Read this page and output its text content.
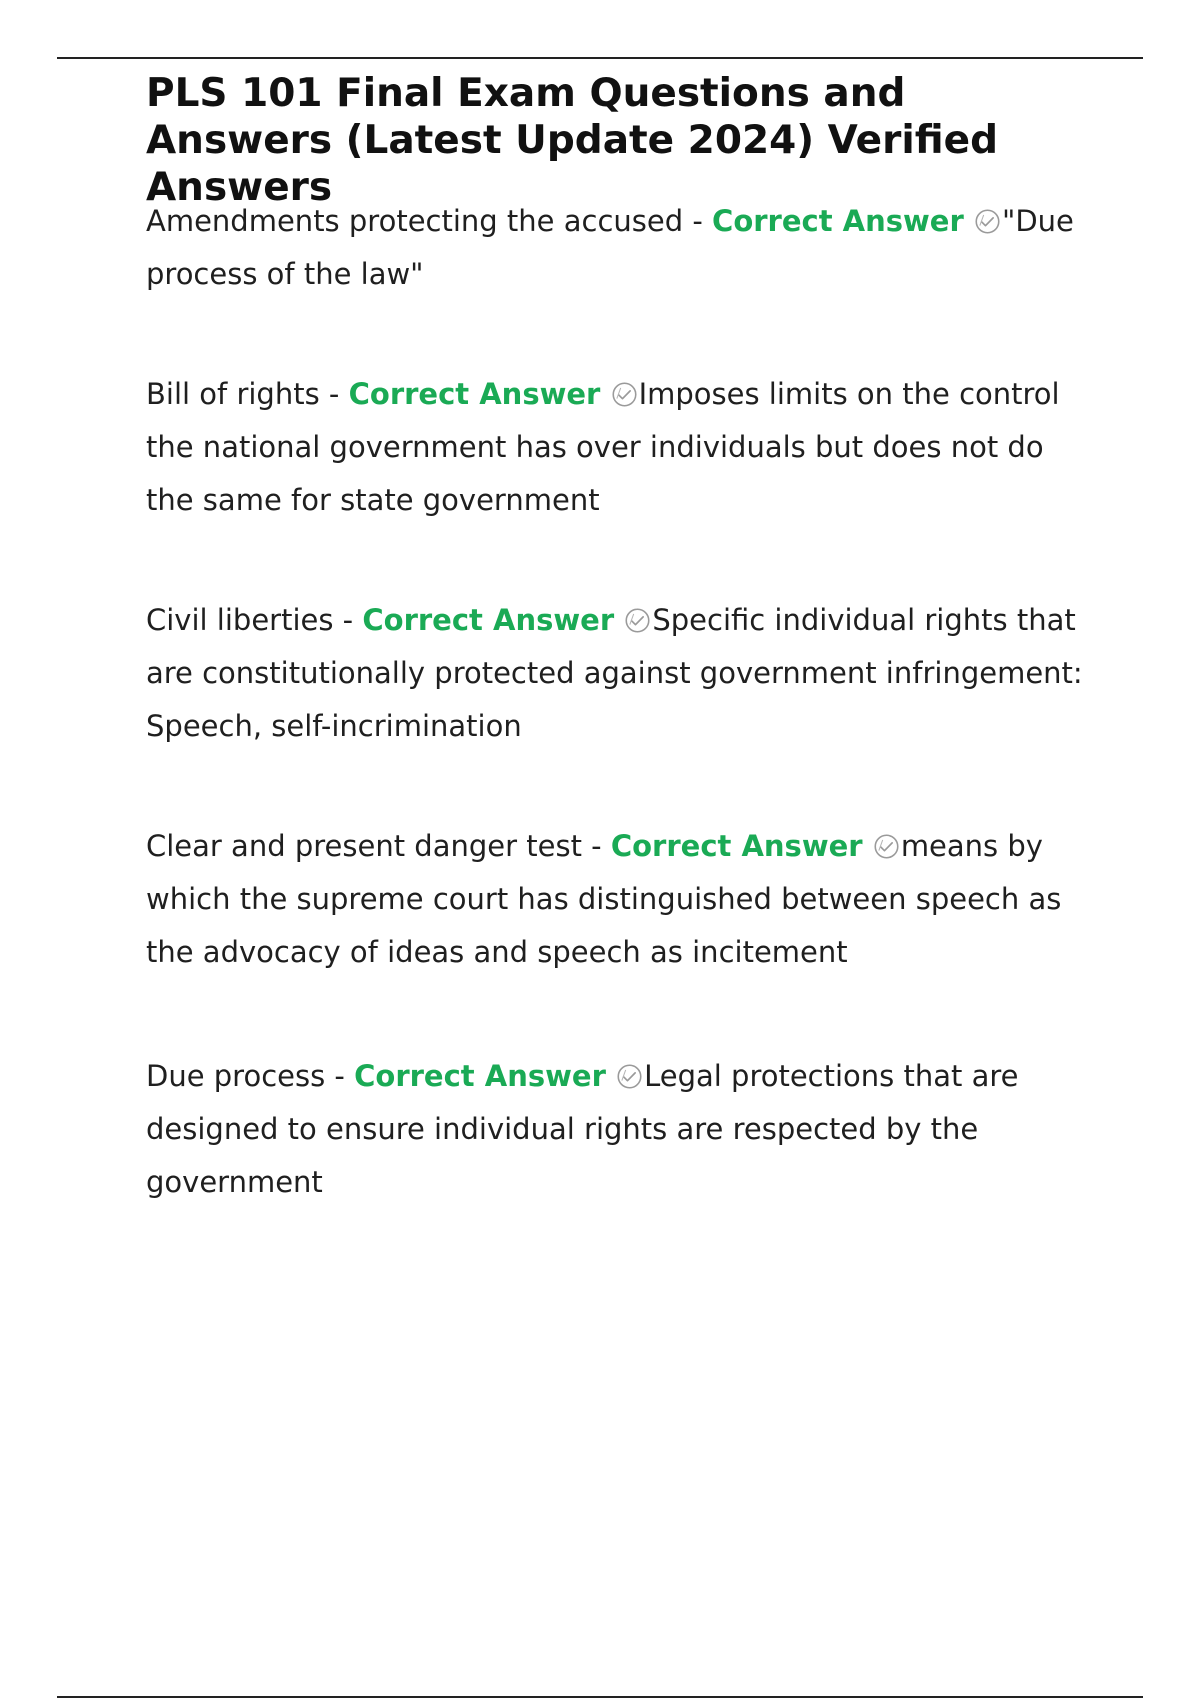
PLS 101 Final Exam Questions and Answers (Latest Update 2024) Verified Answers

Amendments protecting the accused - Correct Answer "Due process of the law"

Bill of rights - Correct Answer Imposes limits on the control the national government has over individuals but does not do the same for state government

Civil liberties - Correct Answer Specific individual rights that are constitutionally protected against government infringement: Speech, self-incrimination

Clear and present danger test - Correct Answer means by which the supreme court has distinguished between speech as the advocacy of ideas and speech as incitement

Due process - Correct Answer Legal protections that are designed to ensure individual rights are respected by the government
